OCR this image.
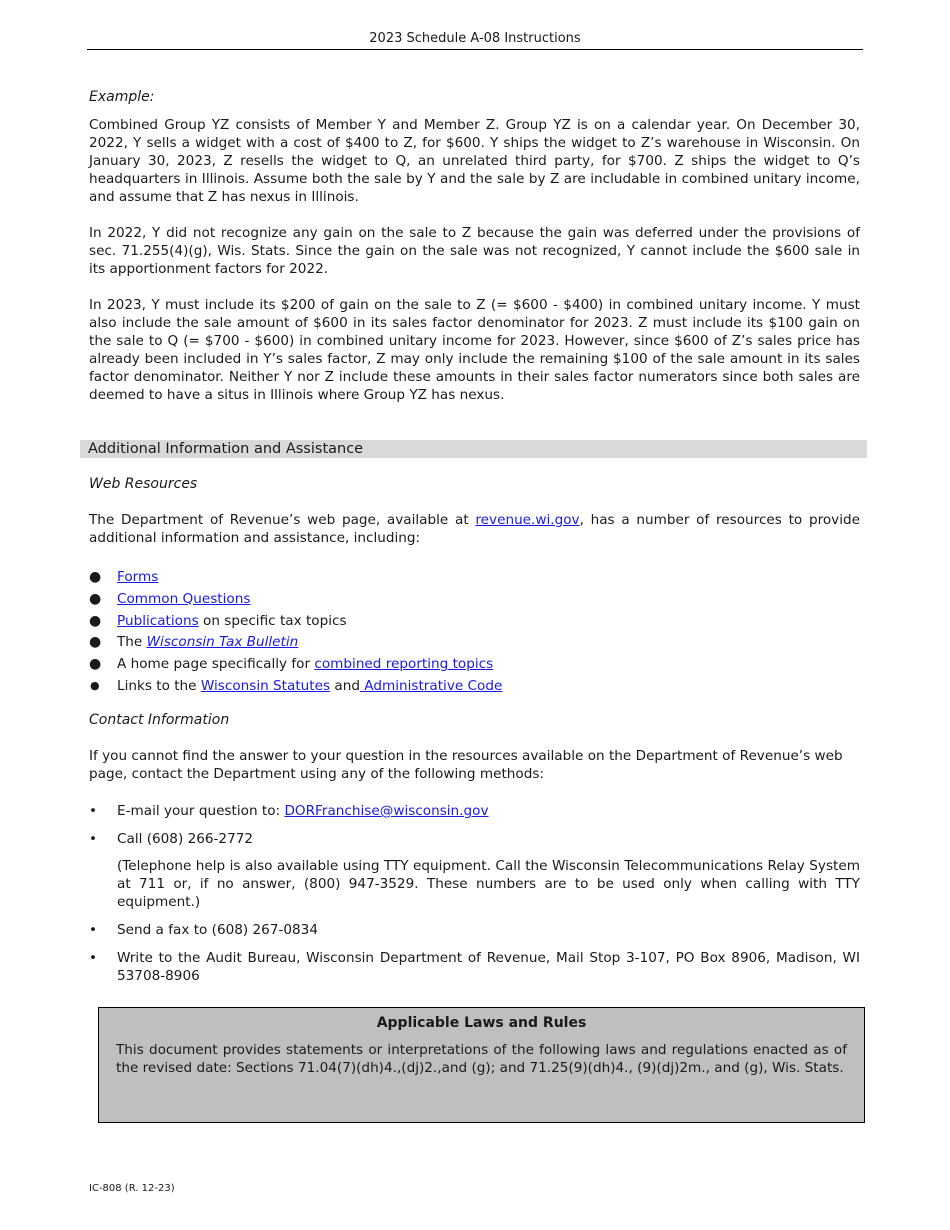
2023 Schedule A-08 Instructions

Example:

Combined Group YZ consists of Member Y and Member Z. Group YZ is on a calendar year. On December 30, 2022, Y sells a widget with a cost of $400 to Z, for $600. Y ships the widget to Z’s warehouse in Wisconsin. On January 30, 2023, Z resells the widget to Q, an unrelated third party, for $700. Z ships the widget to Q’s headquarters in Illinois. Assume both the sale by Y and the sale by Z are includable in combined unitary income, and assume that Z has nexus in Illinois.

In 2022, Y did not recognize any gain on the sale to Z because the gain was deferred under the provisions of sec. 71.255(4)(g), Wis. Stats. Since the gain on the sale was not recognized, Y cannot include the $600 sale in its apportionment factors for 2022.

In 2023, Y must include its $200 of gain on the sale to Z (= $600 - $400) in combined unitary income. Y must also include the sale amount of $600 in its sales factor denominator for 2023. Z must include its $100 gain on the sale to Q (= $700 - $600) in combined unitary income for 2023. However, since $600 of Z’s sales price has already been included in Y’s sales factor, Z may only include the remaining $100 of the sale amount in its sales factor denominator. Neither Y nor Z include these amounts in their sales factor numerators since both sales are deemed to have a situs in Illinois where Group YZ has nexus.

Additional Information and Assistance
Web Resources

The Department of Revenue’s web page, available at revenue.wi.gov, has a number of resources to provide additional information and assistance, including:

● Forms
● Common Questions
● Publications on specific tax topics
● The Wisconsin Tax Bulletin
● A home page specifically for combined reporting topics
● Links to the Wisconsin Statutes and Administrative Code
Contact Information

If you cannot find the answer to your question in the resources available on the Department of Revenue’s web page, contact the Department using any of the following methods:

• E-mail your question to: DORFranchise@wisconsin.gov
• Call (608) 266-2772

(Telephone help is also available using TTY equipment. Call the Wisconsin Telecommunications Relay System at 711 or, if no answer, (800) 947-3529. These numbers are to be used only when calling with TTY equipment.)

• Send a fax to (608) 267-0834
• Write to the Audit Bureau, Wisconsin Department of Revenue, Mail Stop 3-107, PO Box 8906, Madison, WI 53708-8906

Applicable Laws and Rules
This document provides statements or interpretations of the following laws and regulations enacted as of the revised date: Sections 71.04(7)(dh)4.,(dj)2.,and (g); and 71.25(9)(dh)4., (9)(dj)2m., and (g), Wis. Stats.
IC-808 (R. 12-23)
